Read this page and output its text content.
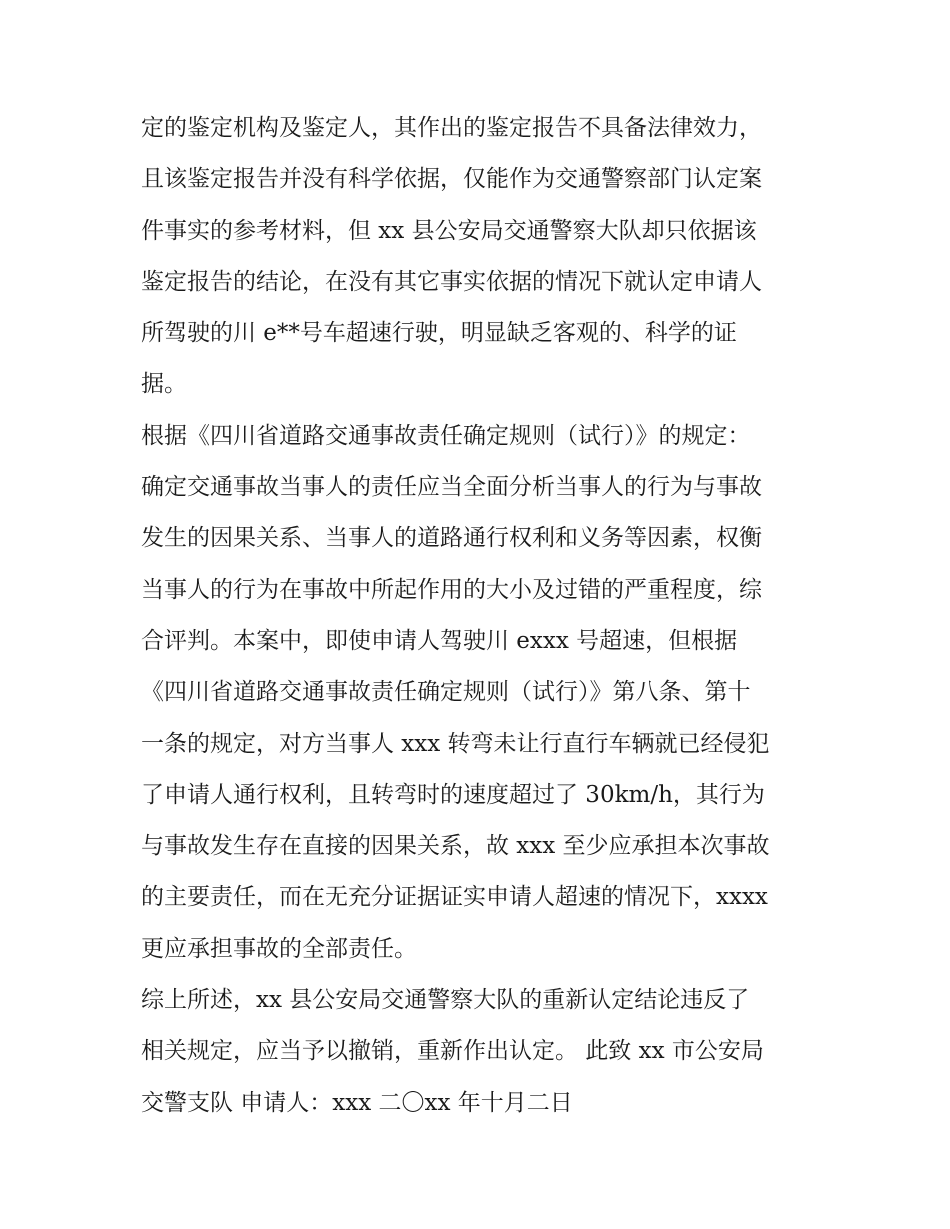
定的鉴定机构及鉴定人，其作出的鉴定报告不具备法律效力，
且该鉴定报告并没有科学依据，仅能作为交通警察部门认定案
件事实的参考材料，但 xx 县公安局交通警察大队却只依据该
鉴定报告的结论，在没有其它事实依据的情况下就认定申请人
所驾驶的川 e**号车超速行驶，明显缺乏客观的、科学的证
据。
根据《四川省道路交通事故责任确定规则（试行）》的规定：
确定交通事故当事人的责任应当全面分析当事人的行为与事故
发生的因果关系、当事人的道路通行权利和义务等因素，权衡
当事人的行为在事故中所起作用的大小及过错的严重程度，综
合评判。本案中，即使申请人驾驶川 exxx 号超速，但根据
《四川省道路交通事故责任确定规则（试行）》第八条、第十
一条的规定，对方当事人 xxx 转弯未让行直行车辆就已经侵犯
了申请人通行权利，且转弯时的速度超过了 30km/h，其行为
与事故发生存在直接的因果关系，故 xxx 至少应承担本次事故
的主要责任，而在无充分证据证实申请人超速的情况下，xxxx
更应承担事故的全部责任。
综上所述，xx 县公安局交通警察大队的重新认定结论违反了
相关规定，应当予以撤销，重新作出认定。 此致 xx 市公安局
交警支队 申请人：xxx 二〇xx 年十月二日
